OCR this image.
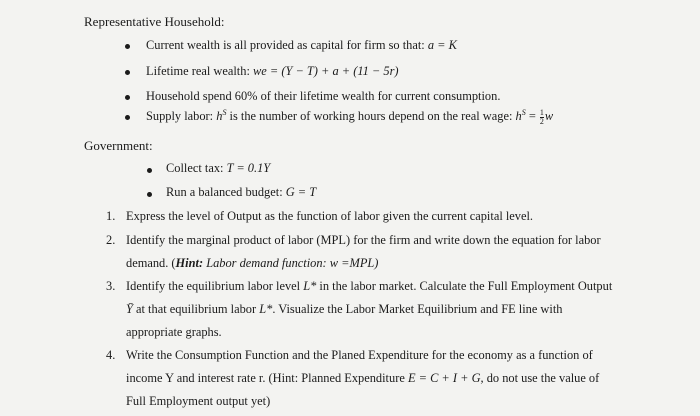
Representative Household:
Current wealth is all provided as capital for firm so that: a = K
Lifetime real wealth: we = (Y − T) + a + (11 − 5r)
Household spend 60% of their lifetime wealth for current consumption.
Supply labor: $h^S$ is the number of working hours depend on the real wage: $h^S = \frac{1}{2}$ w
Government:
Collect tax: T = 0.1Y
Run a balanced budget: G = T
1. Express the level of Output as the function of labor given the current capital level.
2. Identify the marginal product of labor (MPL) for the firm and write down the equation for labor
demand. (Hint: Labor demand function: w =MPL)
3. Identify the equilibrium labor level L* in the labor market. Calculate the Full Employment Output
Ȳ at that equilibrium labor L*. Visualize the Labor Market Equilibrium and FE line with
appropriate graphs.
4. Write the Consumption Function and the Planed Expenditure for the economy as a function of
income Y and interest rate r. (Hint: Planned Expenditure E = C + I + G, do not use the value of
Full Employment output yet)
